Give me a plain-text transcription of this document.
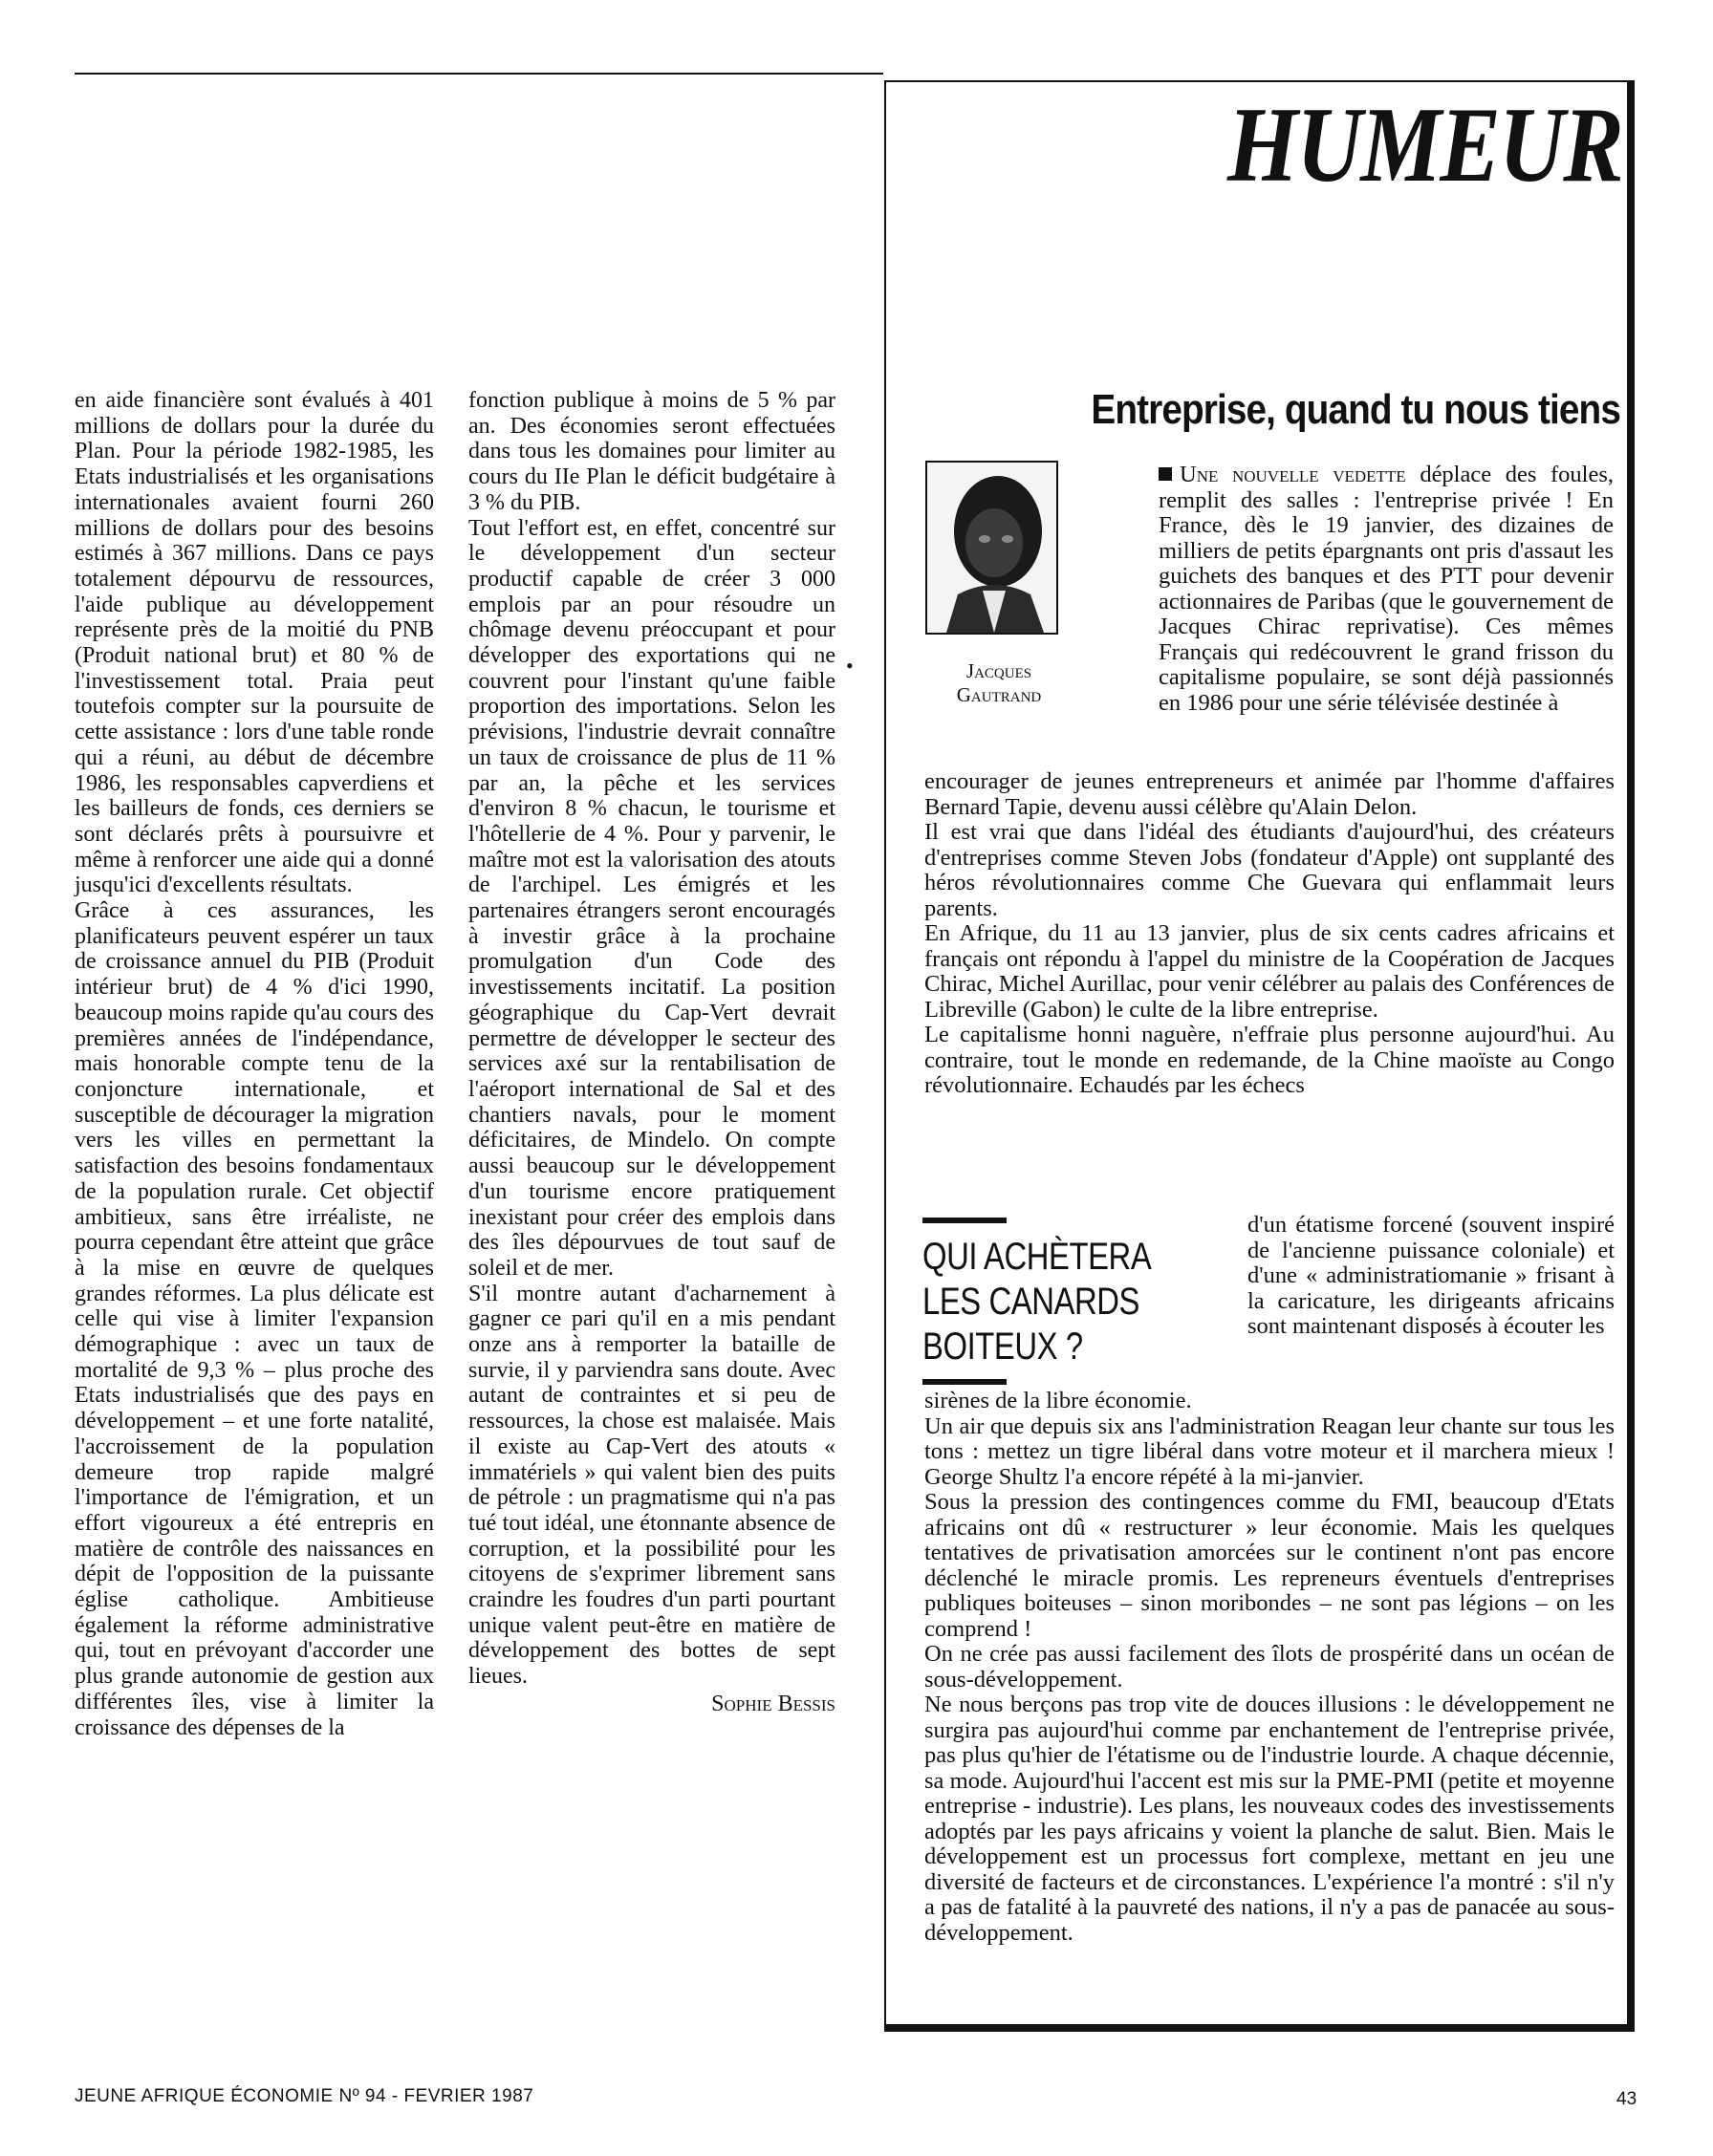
en aide financière sont évalués à 401 millions de dollars pour la durée du Plan. Pour la période 1982-1985, les Etats industrialisés et les organisations internationales avaient fourni 260 millions de dollars pour des besoins estimés à 367 millions. Dans ce pays totalement dépourvu de ressources, l'aide publique au développement représente près de la moitié du PNB (Produit national brut) et 80 % de l'investissement total. Praia peut toutefois compter sur la poursuite de cette assistance : lors d'une table ronde qui a réuni, au début de décembre 1986, les responsables capverdiens et les bailleurs de fonds, ces derniers se sont déclarés prêts à poursuivre et même à renforcer une aide qui a donné jusqu'ici d'excellents résultats.

Grâce à ces assurances, les planificateurs peuvent espérer un taux de croissance annuel du PIB (Produit intérieur brut) de 4 % d'ici 1990, beaucoup moins rapide qu'au cours des premières années de l'indépendance, mais honorable compte tenu de la conjoncture internationale, et susceptible de décourager la migration vers les villes en permettant la satisfaction des besoins fondamentaux de la population rurale. Cet objectif ambitieux, sans être irréaliste, ne pourra cependant être atteint que grâce à la mise en œuvre de quelques grandes réformes. La plus délicate est celle qui vise à limiter l'expansion démographique : avec un taux de mortalité de 9,3 % – plus proche des Etats industrialisés que des pays en développement – et une forte natalité, l'accroissement de la population demeure trop rapide malgré l'importance de l'émigration, et un effort vigoureux a été entrepris en matière de contrôle des naissances en dépit de l'opposition de la puissante église catholique. Ambitieuse également la réforme administrative qui, tout en prévoyant d'accorder une plus grande autonomie de gestion aux différentes îles, vise à limiter la croissance des dépenses de la

fonction publique à moins de 5 % par an. Des économies seront effectuées dans tous les domaines pour limiter au cours du IIe Plan le déficit budgétaire à 3 % du PIB.

Tout l'effort est, en effet, concentré sur le développement d'un secteur productif capable de créer 3 000 emplois par an pour résoudre un chômage devenu préoccupant et pour développer des exportations qui ne couvrent pour l'instant qu'une faible proportion des importations. Selon les prévisions, l'industrie devrait connaître un taux de croissance de plus de 11 % par an, la pêche et les services d'environ 8 % chacun, le tourisme et l'hôtellerie de 4 %. Pour y parvenir, le maître mot est la valorisation des atouts de l'archipel. Les émigrés et les partenaires étrangers seront encouragés à investir grâce à la prochaine promulgation d'un Code des investissements incitatif. La position géographique du Cap-Vert devrait permettre de développer le secteur des services axé sur la rentabilisation de l'aéroport international de Sal et des chantiers navals, pour le moment déficitaires, de Mindelo. On compte aussi beaucoup sur le développement d'un tourisme encore pratiquement inexistant pour créer des emplois dans des îles dépourvues de tout sauf de soleil et de mer.

S'il montre autant d'acharnement à gagner ce pari qu'il en a mis pendant onze ans à remporter la bataille de survie, il y parviendra sans doute. Avec autant de contraintes et si peu de ressources, la chose est malaisée. Mais il existe au Cap-Vert des atouts « immatériels » qui valent bien des puits de pétrole : un pragmatisme qui n'a pas tué tout idéal, une étonnante absence de corruption, et la possibilité pour les citoyens de s'exprimer librement sans craindre les foudres d'un parti pourtant unique valent peut-être en matière de développement des bottes de sept lieues.

Sophie Bessis
•
HUMEUR
Entreprise, quand tu nous tiens
Jacques
Gautrand

Une nouvelle vedette déplace des foules, remplit des salles : l'entreprise privée ! En France, dès le 19 janvier, des dizaines de milliers de petits épargnants ont pris d'assaut les guichets des banques et des PTT pour devenir actionnaires de Paribas (que le gouvernement de Jacques Chirac reprivatise). Ces mêmes Français qui redécouvrent le grand frisson du capitalisme populaire, se sont déjà passionnés en 1986 pour une série télévisée destinée à

encourager de jeunes entrepreneurs et animée par l'homme d'affaires Bernard Tapie, devenu aussi célèbre qu'Alain Delon.

Il est vrai que dans l'idéal des étudiants d'aujourd'hui, des créateurs d'entreprises comme Steven Jobs (fondateur d'Apple) ont supplanté des héros révolutionnaires comme Che Guevara qui enflammait leurs parents.

En Afrique, du 11 au 13 janvier, plus de six cents cadres africains et français ont répondu à l'appel du ministre de la Coopération de Jacques Chirac, Michel Aurillac, pour venir célébrer au palais des Conférences de Libreville (Gabon) le culte de la libre entreprise.

Le capitalisme honni naguère, n'effraie plus personne aujourd'hui. Au contraire, tout le monde en redemande, de la Chine maoïste au Congo révolutionnaire. Echaudés par les échecs

QUI ACHÈTERA
LES CANARDS
BOITEUX ?

d'un étatisme forcené (souvent inspiré de l'ancienne puissance coloniale) et d'une « administratiomanie » frisant à la caricature, les dirigeants africains sont maintenant disposés à écouter les

sirènes de la libre économie.

Un air que depuis six ans l'administration Reagan leur chante sur tous les tons : mettez un tigre libéral dans votre moteur et il marchera mieux ! George Shultz l'a encore répété à la mi-janvier.

Sous la pression des contingences comme du FMI, beaucoup d'Etats africains ont dû « restructurer » leur économie. Mais les quelques tentatives de privatisation amorcées sur le continent n'ont pas encore déclenché le miracle promis. Les repreneurs éventuels d'entreprises publiques boiteuses – sinon moribondes – ne sont pas légions – on les comprend !

On ne crée pas aussi facilement des îlots de prospérité dans un océan de sous-développement.

Ne nous berçons pas trop vite de douces illusions : le développement ne surgira pas aujourd'hui comme par enchantement de l'entreprise privée, pas plus qu'hier de l'étatisme ou de l'industrie lourde. A chaque décennie, sa mode. Aujourd'hui l'accent est mis sur la PME-PMI (petite et moyenne entreprise - industrie). Les plans, les nouveaux codes des investissements adoptés par les pays africains y voient la planche de salut. Bien. Mais le développement est un processus fort complexe, mettant en jeu une diversité de facteurs et de circonstances. L'expérience l'a montré : s'il n'y a pas de fatalité à la pauvreté des nations, il n'y a pas de panacée au sous-développement.

JEUNE AFRIQUE ÉCONOMIE Nº 94 - FEVRIER 1987	43
